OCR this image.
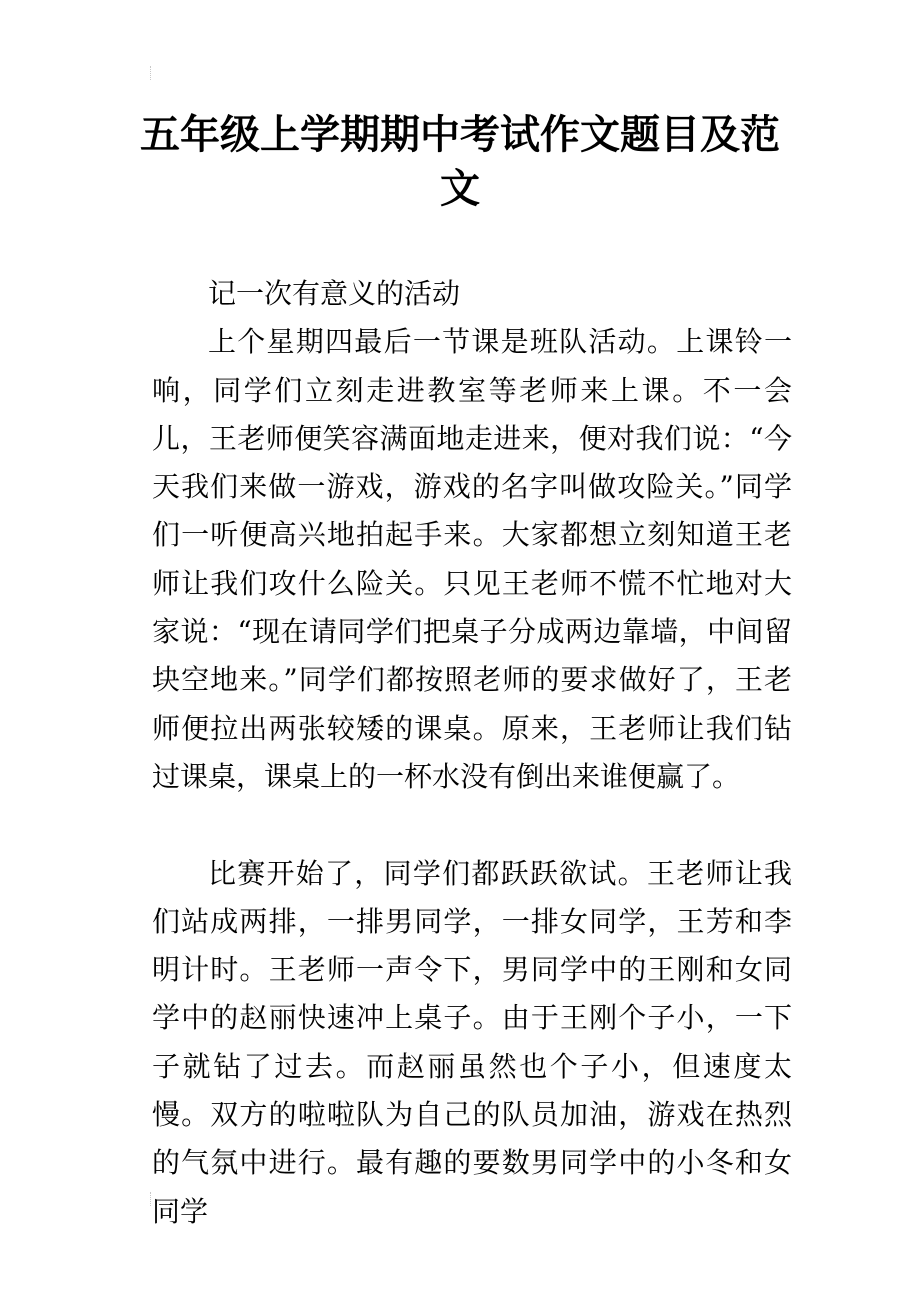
五年级上学期期中考试作文题目及范文

记一次有意义的活动

上个星期四最后一节课是班队活动。上课铃一响，同学们立刻走进教室等老师来上课。不一会儿，王老师便笑容满面地走进来，便对我们说：“今天我们来做一游戏，游戏的名字叫做攻险关。”同学们一听便高兴地拍起手来。大家都想立刻知道王老师让我们攻什么险关。只见王老师不慌不忙地对大家说：“现在请同学们把桌子分成两边靠墙，中间留块空地来。”同学们都按照老师的要求做好了，王老师便拉出两张较矮的课桌。原来，王老师让我们钻过课桌，课桌上的一杯水没有倒出来谁便赢了。

比赛开始了，同学们都跃跃欲试。王老师让我们站成两排，一排男同学，一排女同学，王芳和李明计时。王老师一声令下，男同学中的王刚和女同学中的赵丽快速冲上桌子。由于王刚个子小，一下子就钻了过去。而赵丽虽然也个子小，但速度太慢。双方的啦啦队为自己的队员加油，游戏在热烈的气氛中进行。最有趣的要数男同学中的小冬和女同学
